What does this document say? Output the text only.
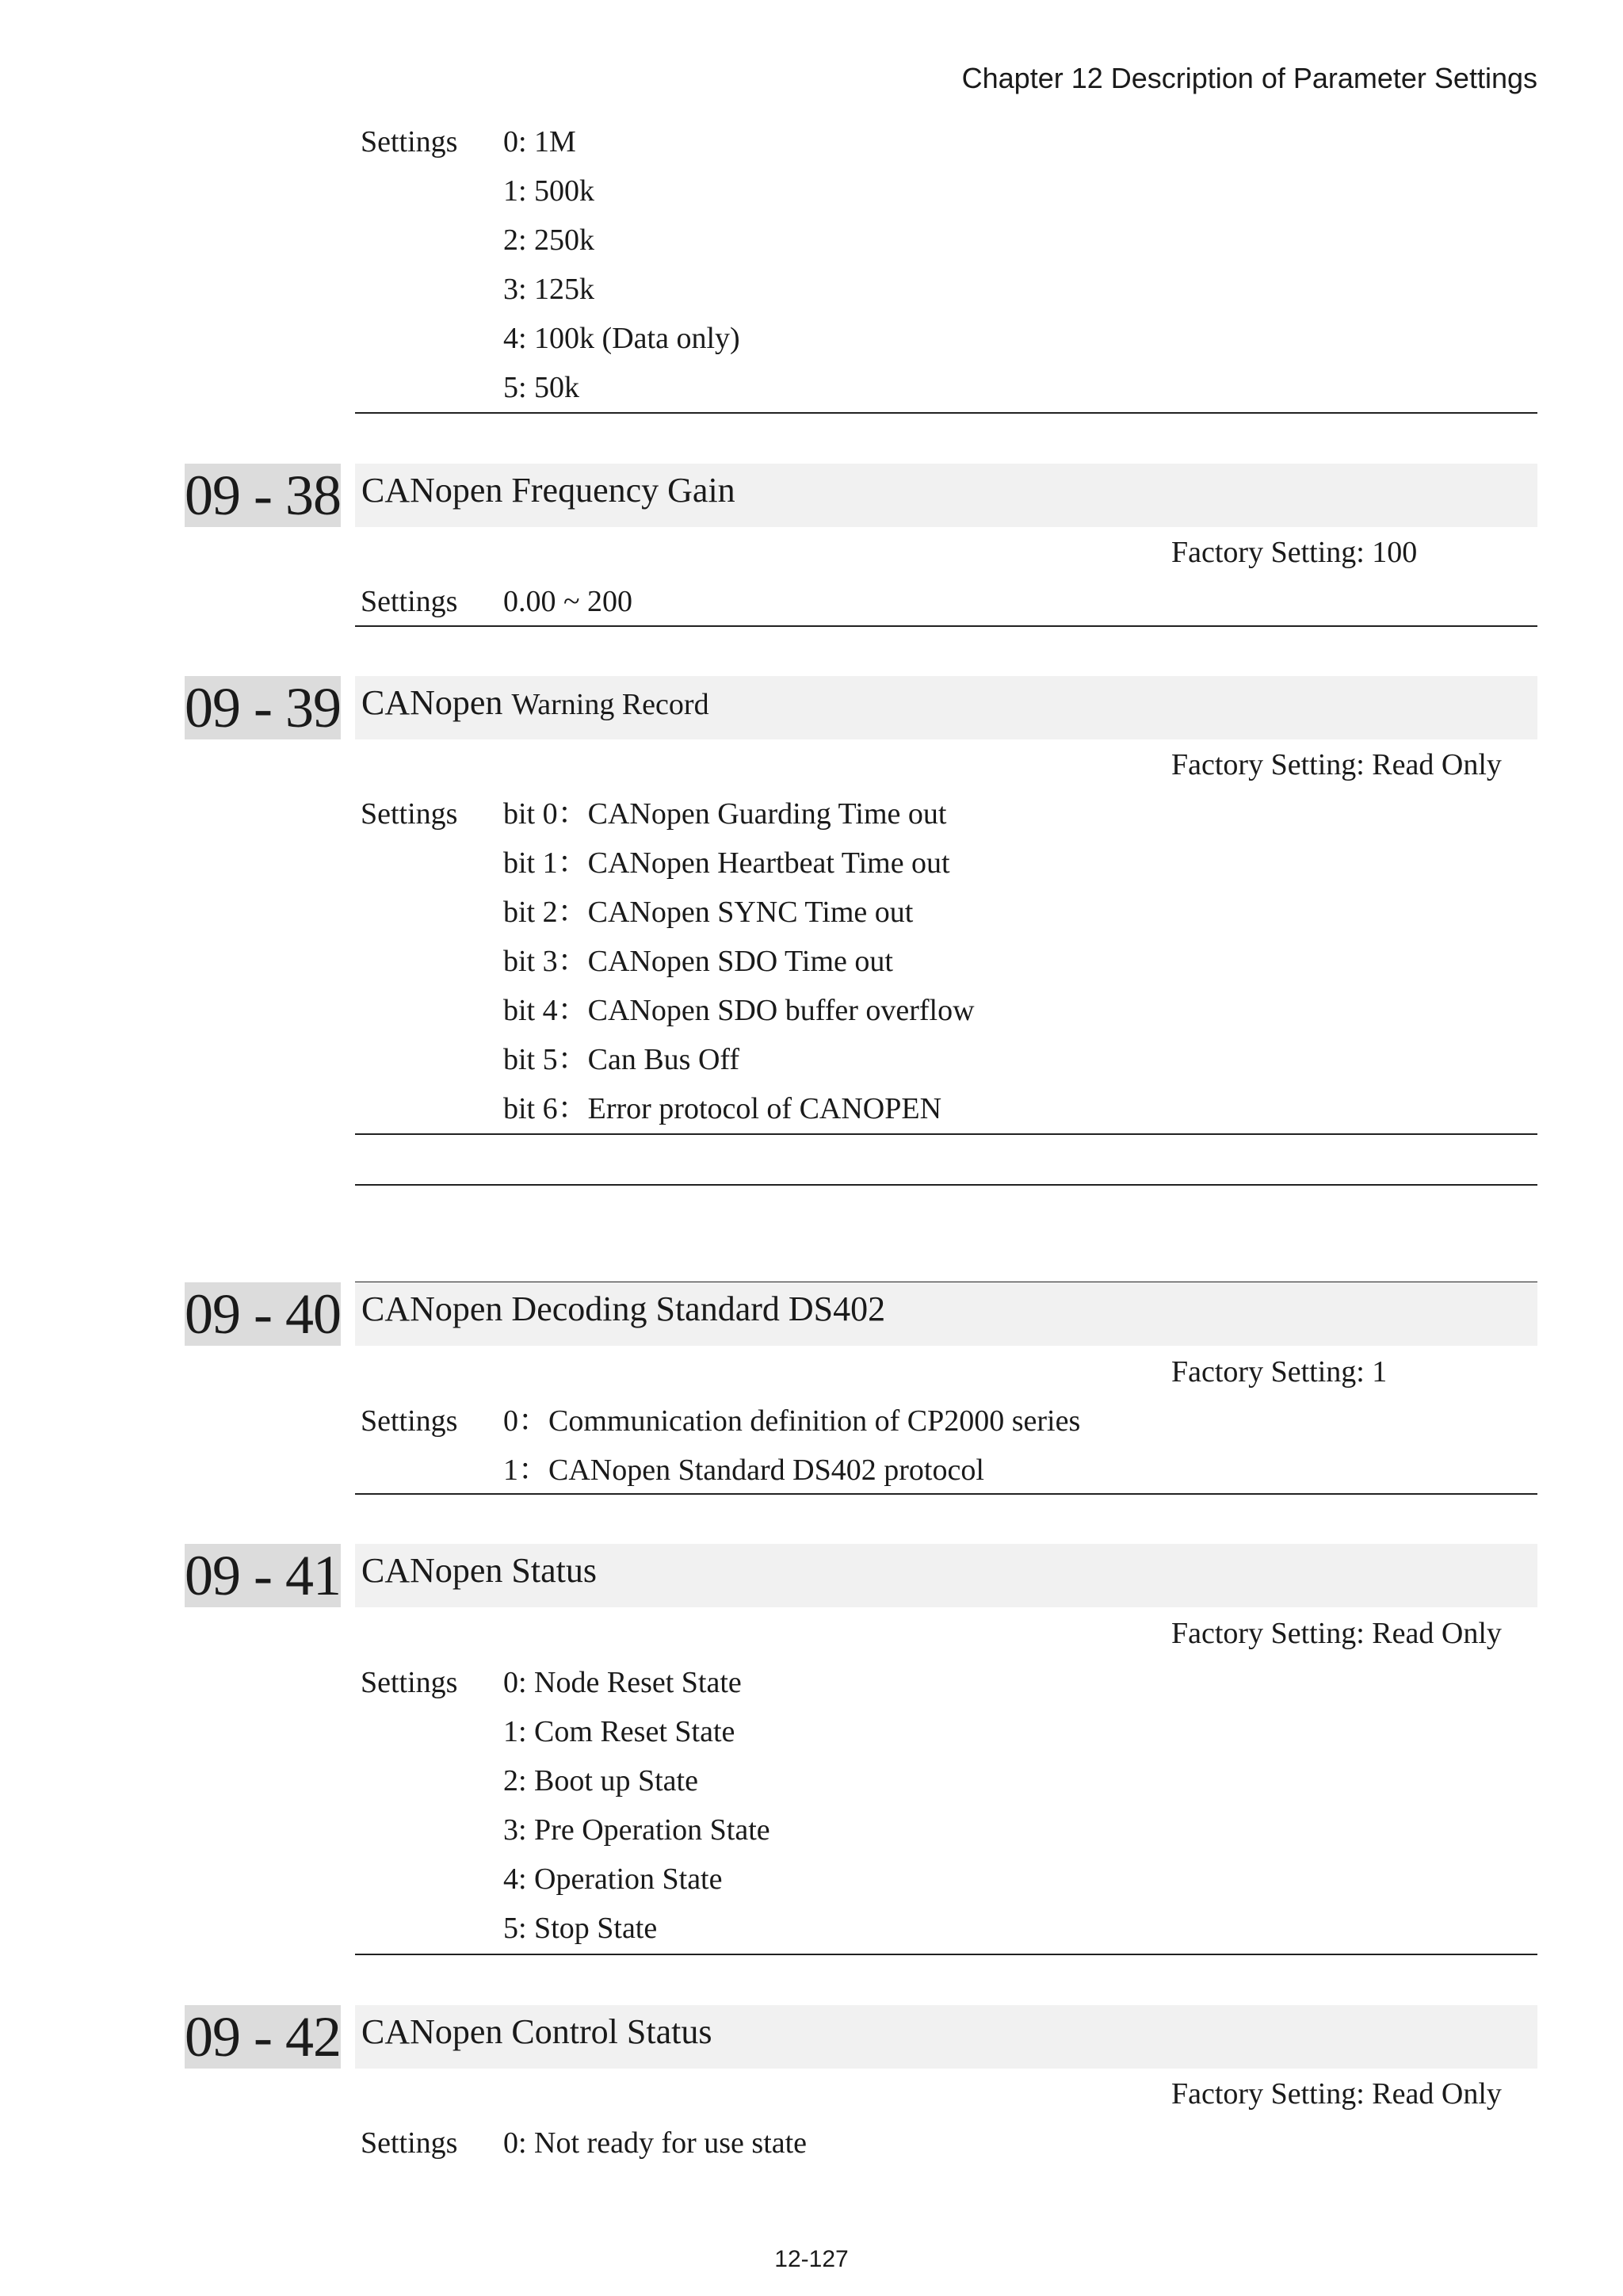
Chapter 12 Description of Parameter Settings
Settings 0: 1M
1: 500k
2: 250k
3: 125k
4: 100k (Data only)
5: 50k
09 - 38 CANopen Frequency Gain
Factory Setting: 100
Settings 0.00 ~ 200
09 - 39 CANopen Warning Record
Factory Setting: Read Only
Settings bit 0：CANopen Guarding Time out
bit 1：CANopen Heartbeat Time out
bit 2：CANopen SYNC Time out
bit 3：CANopen SDO Time out
bit 4：CANopen SDO buffer overflow
bit 5：Can Bus Off
bit 6：Error protocol of CANOPEN
09 - 40 CANopen Decoding Standard DS402
Factory Setting: 1
Settings 0：Communication definition of CP2000 series
1：CANopen Standard DS402 protocol
09 - 41 CANopen Status
Factory Setting: Read Only
Settings 0: Node Reset State
1: Com Reset State
2: Boot up State
3: Pre Operation State
4: Operation State
5: Stop State
09 - 42 CANopen Control Status
Factory Setting: Read Only
Settings 0: Not ready for use state
12-127
